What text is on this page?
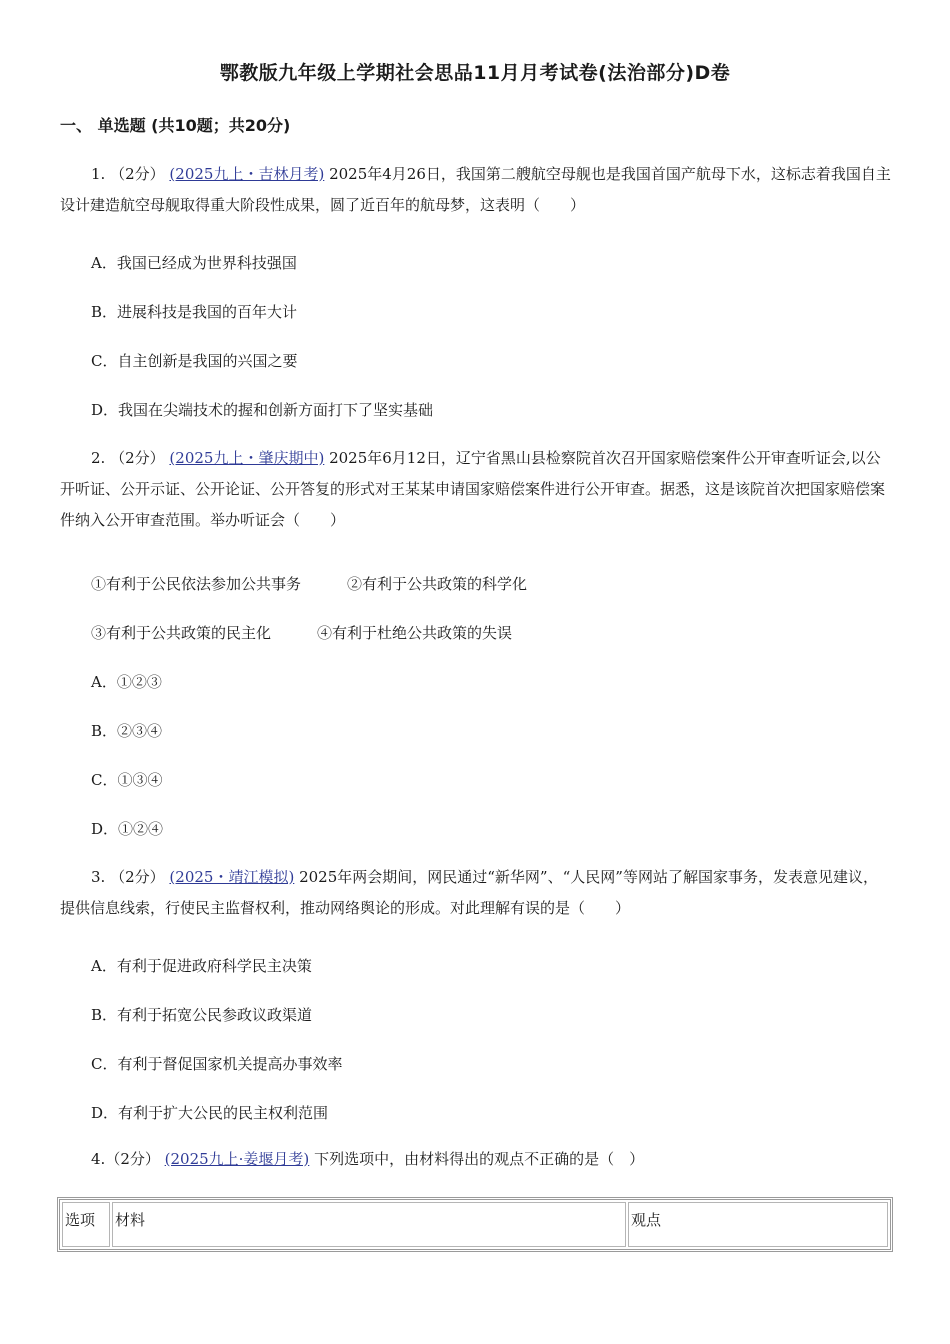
鄂教版九年级上学期社会思品11月月考试卷(法治部分)D卷
一、 单选题 (共10题；共20分)
1. （2分） (2025九上・吉林月考) 2025年4月26日，我国第二艘航空母舰也是我国首国产航母下水，这标志着我国自主设计建造航空母舰取得重大阶段性成果，圆了近百年的航母梦，这表明（　　）
A．我国已经成为世界科技强国
B．进展科技是我国的百年大计
C．自主创新是我国的兴国之要
D．我国在尖端技术的握和创新方面打下了坚实基础
2. （2分） (2025九上・肇庆期中) 2025年6月12日，辽宁省黑山县检察院首次召开国家赔偿案件公开审查听证会,以公开听证、公开示证、公开论证、公开答复的形式对王某某申请国家赔偿案件进行公开审查。据悉，这是该院首次把国家赔偿案件纳入公开审查范围。举办听证会（　　）
①有利于公民依法参加公共事务	②有利于公共政策的科学化
③有利于公共政策的民主化	④有利于杜绝公共政策的失误
A．①②③
B．②③④
C．①③④
D．①②④
3. （2分） (2025・靖江模拟) 2025年两会期间，网民通过“新华网”、“人民网”等网站了解国家事务，发表意见建议，提供信息线索，行使民主监督权利，推动网络舆论的形成。对此理解有误的是（　　）
A．有利于促进政府科学民主决策
B．有利于拓宽公民参政议政渠道
C．有利于督促国家机关提高办事效率
D．有利于扩大公民的民主权利范围
4.（2分） (2025九上·姜堰月考) 下列选项中，由材料得出的观点不正确的是（　）
选项	材料	观点
